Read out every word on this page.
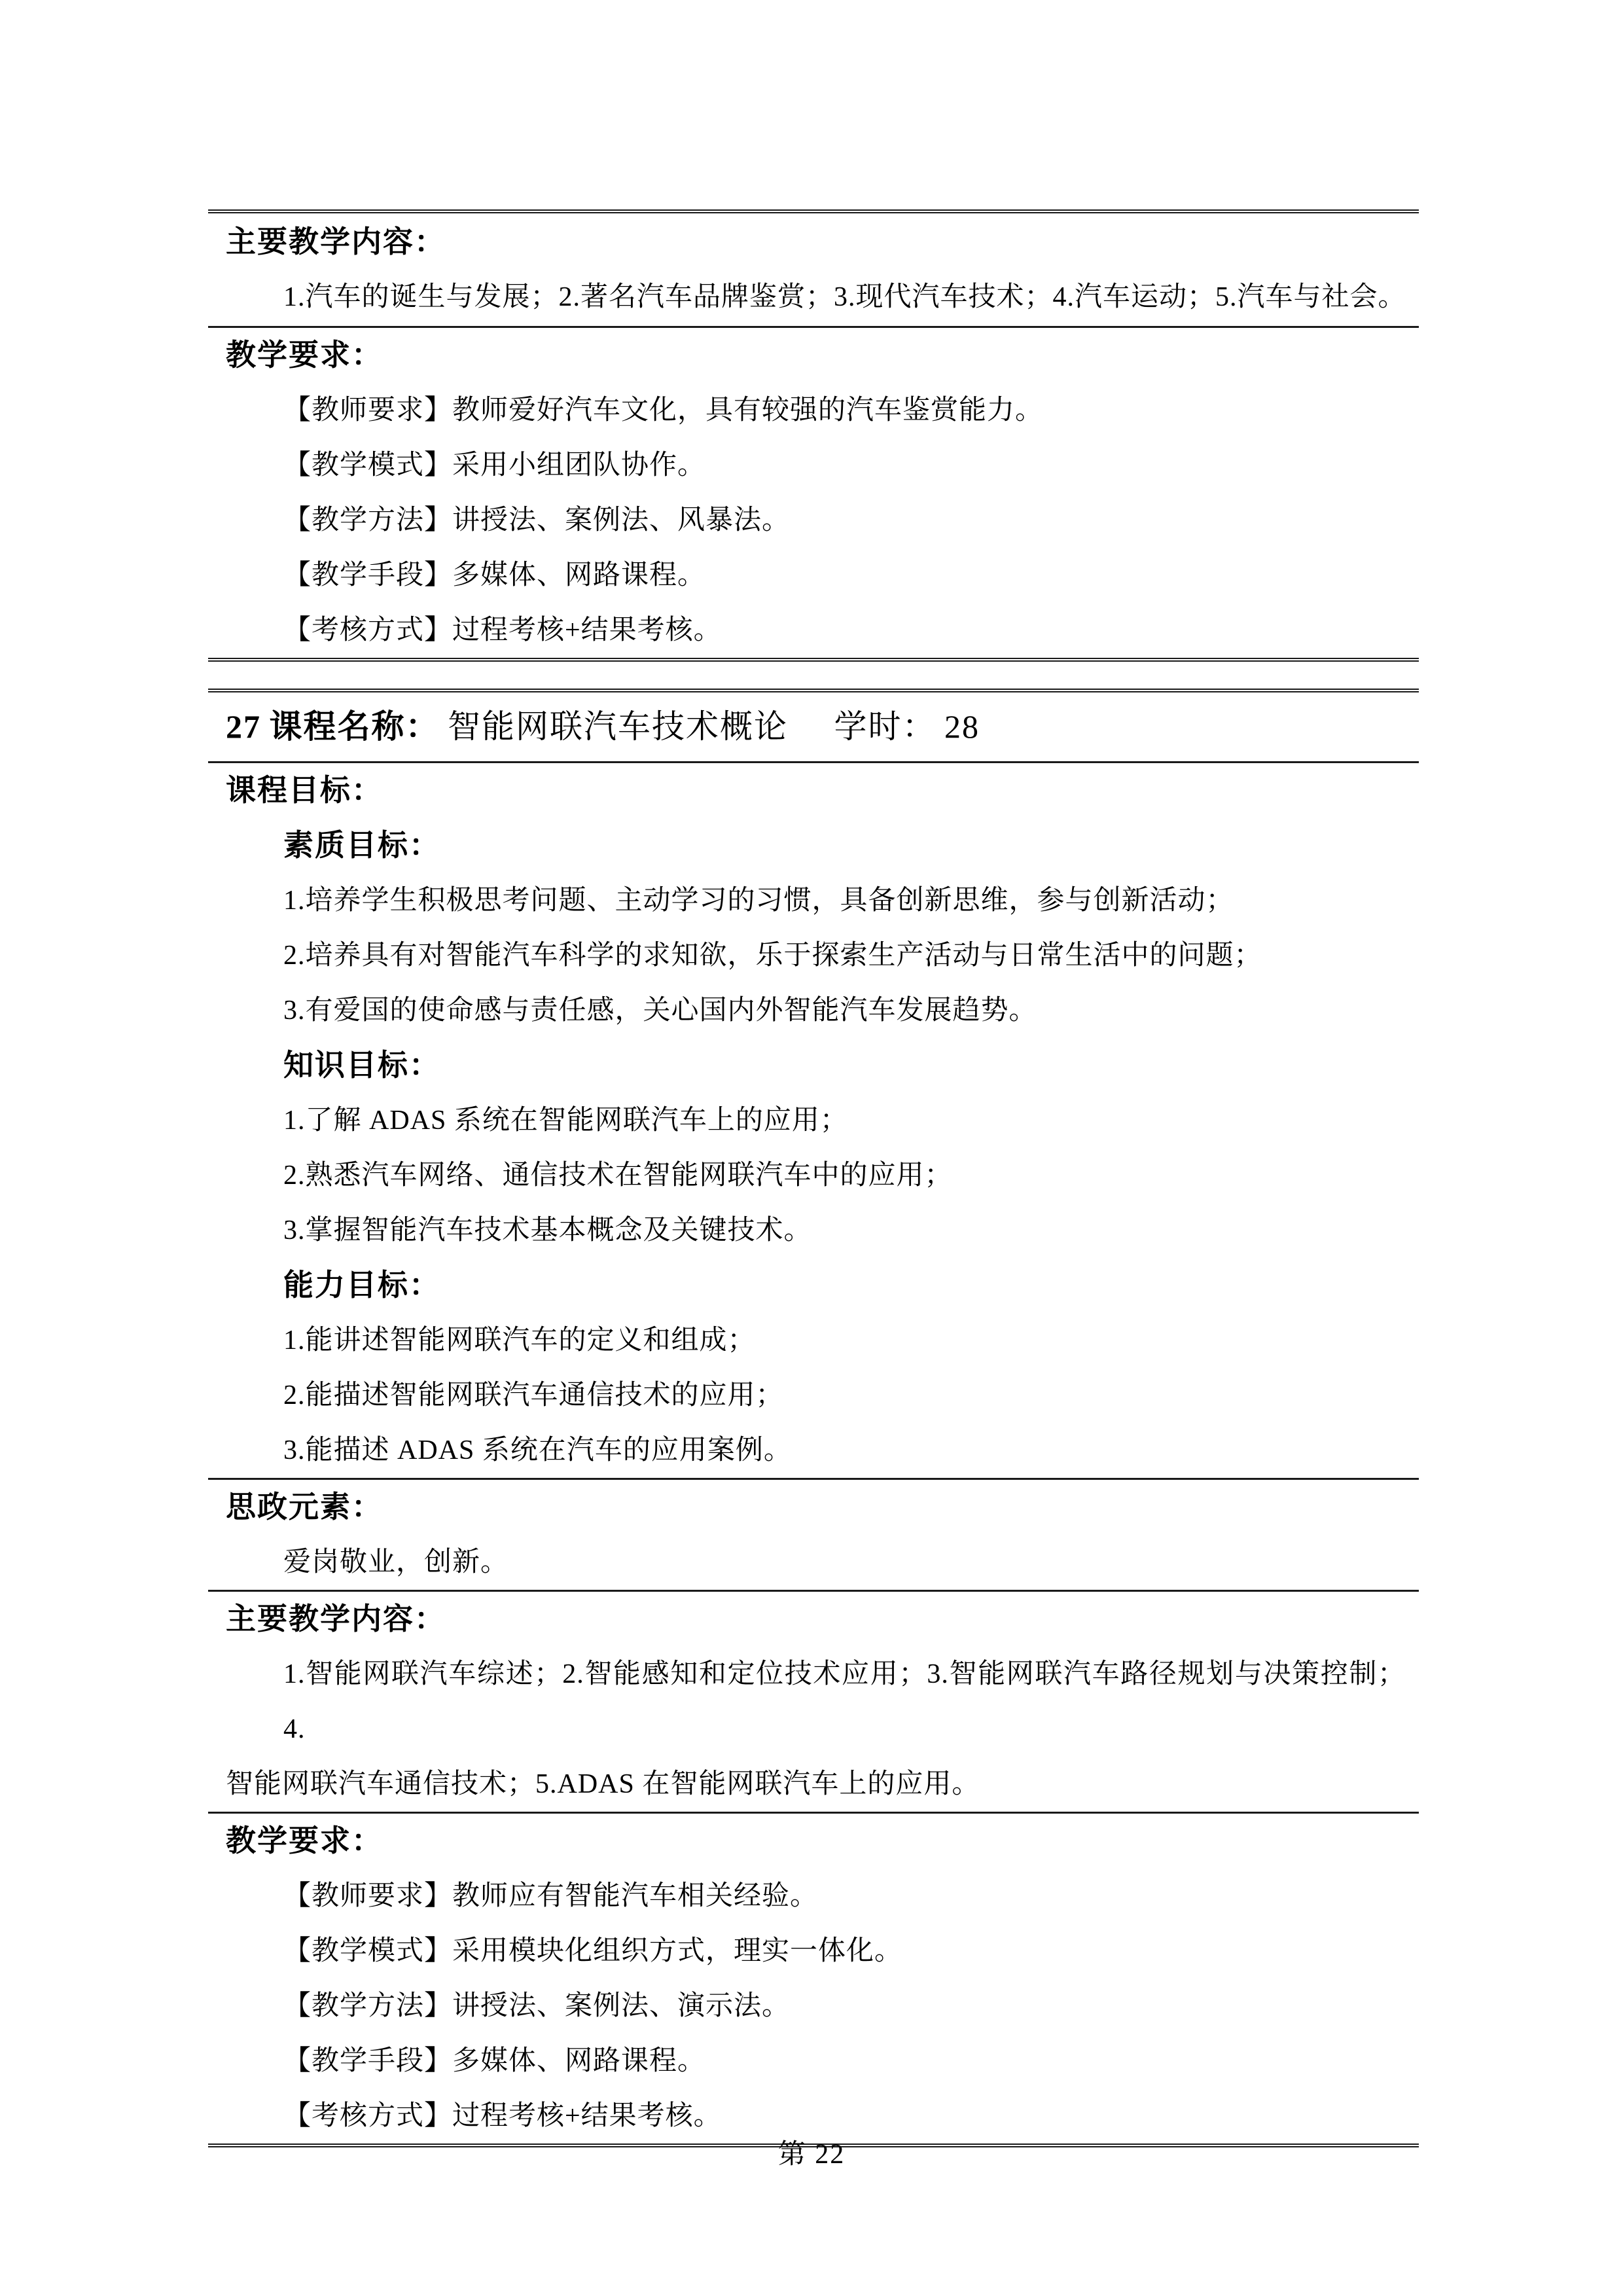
主要教学内容：
1.汽车的诞生与发展；2.著名汽车品牌鉴赏；3.现代汽车技术；4.汽车运动；5.汽车与社会。
教学要求：
【教师要求】教师爱好汽车文化，具有较强的汽车鉴赏能力。
【教学模式】采用小组团队协作。
【教学方法】讲授法、案例法、风暴法。
【教学手段】多媒体、网路课程。
【考核方式】过程考核+结果考核。
27 课程名称： 智能网联汽车技术概论 学时： 28
课程目标：
素质目标：
1.培养学生积极思考问题、主动学习的习惯，具备创新思维，参与创新活动；
2.培养具有对智能汽车科学的求知欲，乐于探索生产活动与日常生活中的问题；
3.有爱国的使命感与责任感，关心国内外智能汽车发展趋势。
知识目标：
1.了解 ADAS 系统在智能网联汽车上的应用；
2.熟悉汽车网络、通信技术在智能网联汽车中的应用；
3.掌握智能汽车技术基本概念及关键技术。
能力目标：
1.能讲述智能网联汽车的定义和组成；
2.能描述智能网联汽车通信技术的应用；
3.能描述 ADAS 系统在汽车的应用案例。
思政元素：
爱岗敬业，创新。
主要教学内容：
1.智能网联汽车综述；2.智能感知和定位技术应用；3.智能网联汽车路径规划与决策控制；4.
智能网联汽车通信技术；5.ADAS 在智能网联汽车上的应用。
教学要求：
【教师要求】教师应有智能汽车相关经验。
【教学模式】采用模块化组织方式，理实一体化。
【教学方法】讲授法、案例法、演示法。
【教学手段】多媒体、网路课程。
【考核方式】过程考核+结果考核。
第 22
